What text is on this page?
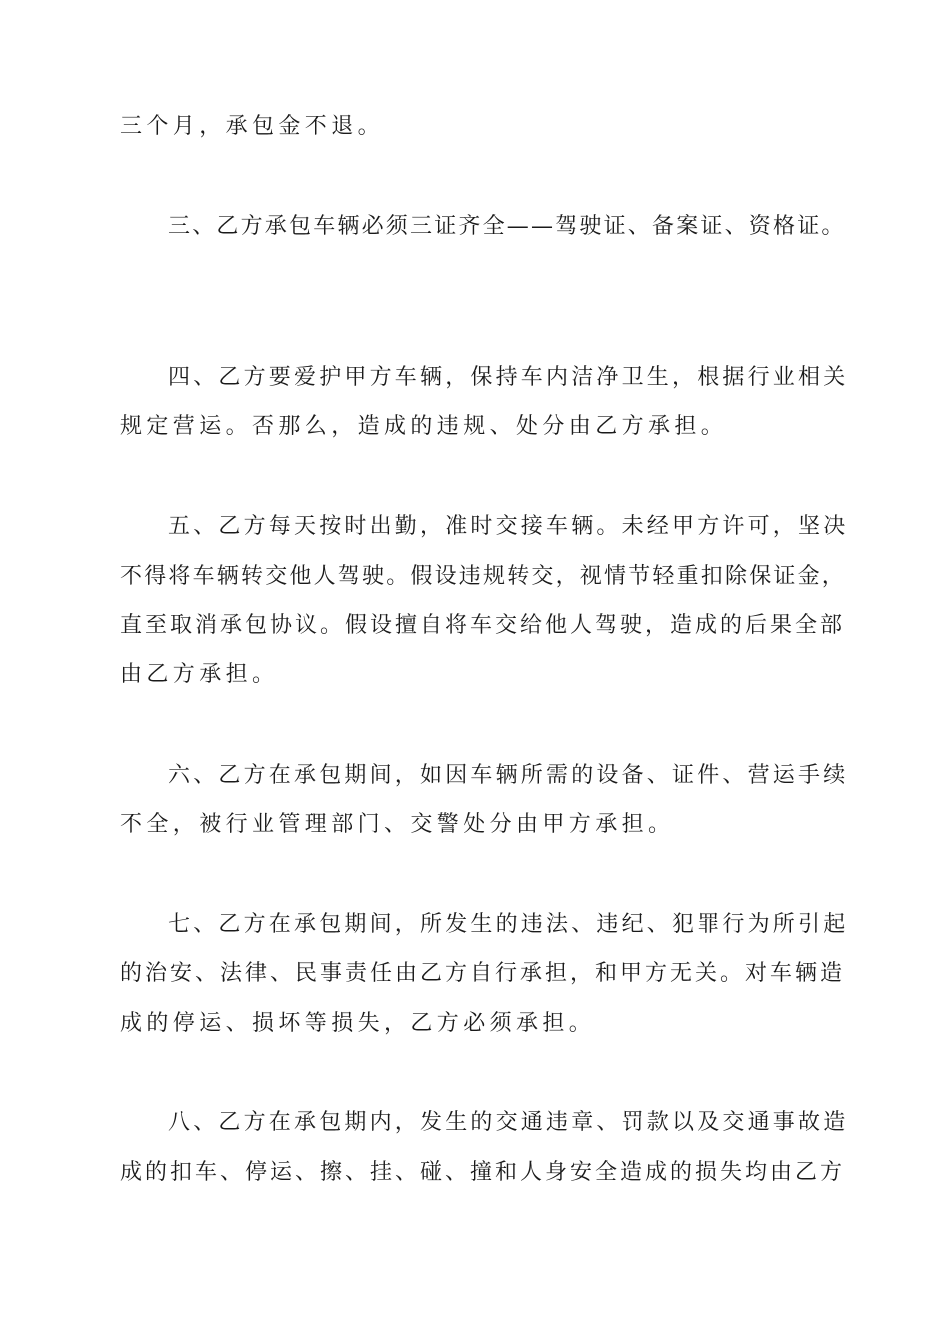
三个月，承包金不退。
三、乙方承包车辆必须三证齐全——驾驶证、备案证、资格证。
四、乙方要爱护甲方车辆，保持车内洁净卫生，根据行业相关
规定营运。否那么，造成的违规、处分由乙方承担。
五、乙方每天按时出勤，准时交接车辆。未经甲方许可，坚决
不得将车辆转交他人驾驶。假设违规转交，视情节轻重扣除保证金，
直至取消承包协议。假设擅自将车交给他人驾驶，造成的后果全部
由乙方承担。
六、乙方在承包期间，如因车辆所需的设备、证件、营运手续
不全，被行业管理部门、交警处分由甲方承担。
七、乙方在承包期间，所发生的违法、违纪、犯罪行为所引起
的治安、法律、民事责任由乙方自行承担，和甲方无关。对车辆造
成的停运、损坏等损失，乙方必须承担。
八、乙方在承包期内，发生的交通违章、罚款以及交通事故造
成的扣车、停运、擦、挂、碰、撞和人身安全造成的损失均由乙方
